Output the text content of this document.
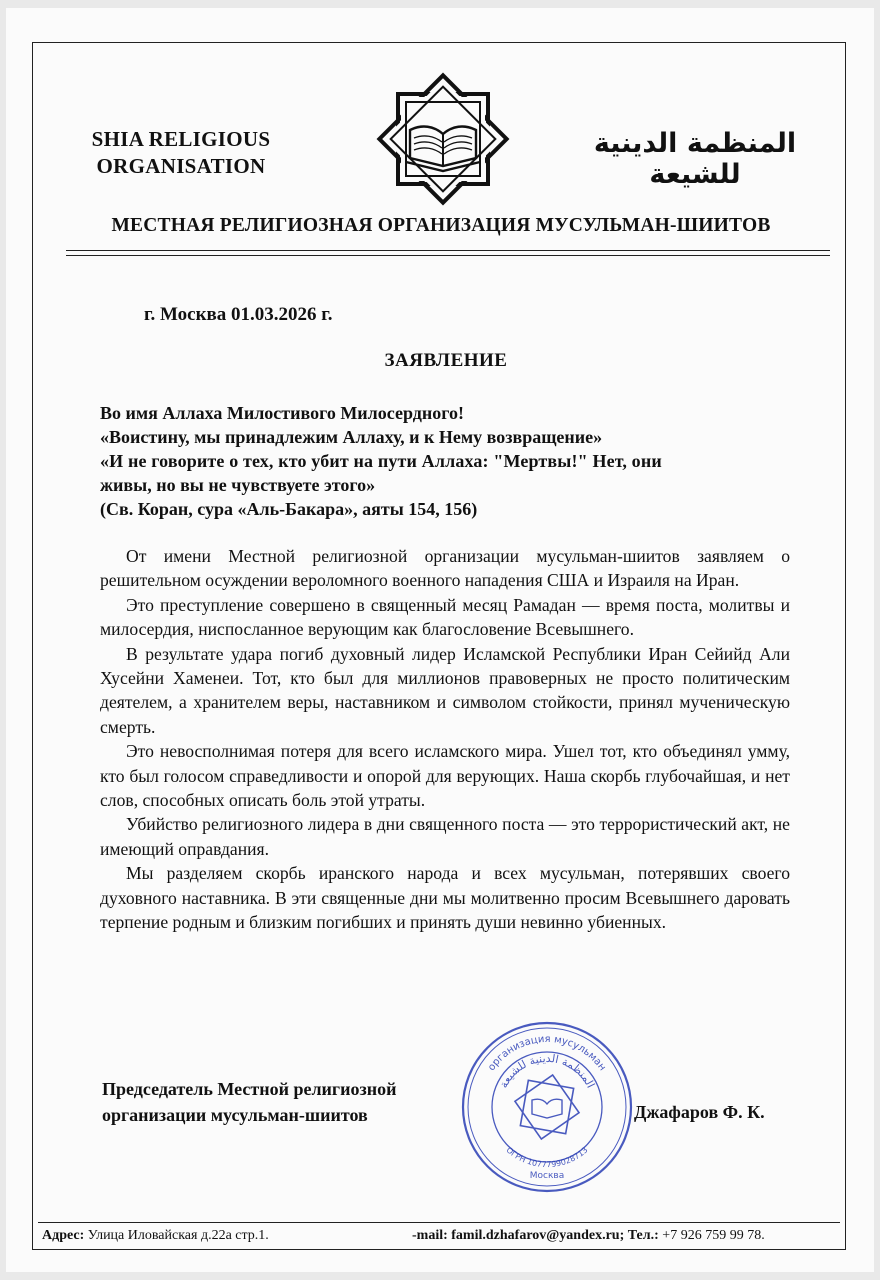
SHIA RELIGIOUS
ORGANISATION
المنظمة الدينية للشيعة
МЕСТНАЯ РЕЛИГИОЗНАЯ ОРГАНИЗАЦИЯ МУСУЛЬМАН-ШИИТОВ
г. Москва 01.03.2026 г.
ЗАЯВЛЕНИЕ
Во имя Аллаха Милостивого Милосердного!
«Воистину, мы принадлежим Аллаху, и к Нему возвращение»
«И не говорите о тех, кто убит на пути Аллаха: "Мертвы!" Нет, они
живы, но вы не чувствуете этого»
(Св. Коран, сура «Аль-Бакара», аяты 154, 156)

От имени Местной религиозной организации мусульман-шиитов заявляем о решительном осуждении вероломного военного нападения США и Израиля на Иран.

Это преступление совершено в священный месяц Рамадан — время поста, молитвы и милосердия, ниспосланное верующим как благословение Всевышнего.

В результате удара погиб духовный лидер Исламской Республики Иран Сейийд Али Хусейни Хаменеи. Тот, кто был для миллионов правоверных не просто политическим деятелем, а хранителем веры, наставником и символом стойкости, принял мученическую смерть.

Это невосполнимая потеря для всего исламского мира. Ушел тот, кто объединял умму, кто был голосом справедливости и опорой для верующих. Наша скорбь глубочайшая, и нет слов, способных описать боль этой утраты.

Убийство религиозного лидера в дни священного поста — это террористический акт, не имеющий оправдания.

Мы разделяем скорбь иранского народа и всех мусульман, потерявших своего духовного наставника. В эти священные дни мы молитвенно просим Всевышнего даровать терпение родным и близким погибших и принять души невинно убиенных.

организация мусульман
المنظمة الدينية للشيعة
ОГРН 1077799028713
Москва
Председатель Местной религиозной
организации мусульман-шиитов	Джафаров Ф. К.
Адрес: Улица Иловайская д.22а стр.1.	-mail: famil.dzhafarov@yandex.ru; Тел.: +7 926 759 99 78.
